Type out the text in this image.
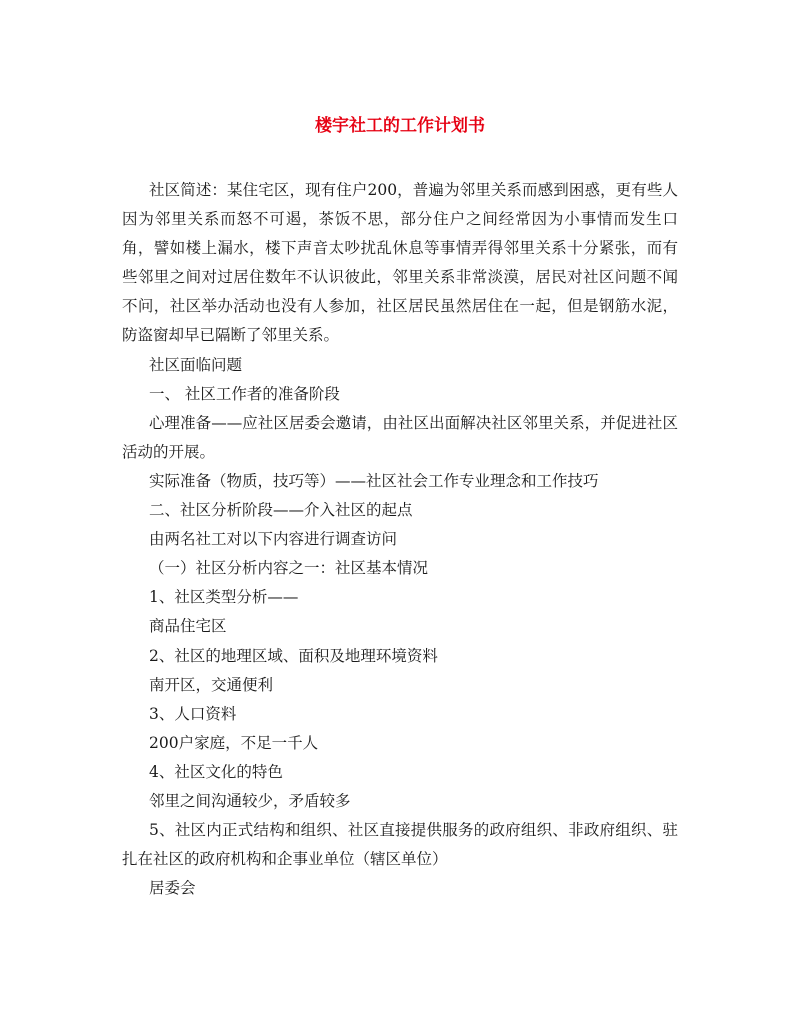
楼宇社工的工作计划书

社区简述：某住宅区，现有住户200，普遍为邻里关系而感到困惑，更有些人因为邻里关系而怒不可遏，茶饭不思，部分住户之间经常因为小事情而发生口角，譬如楼上漏水，楼下声音太吵扰乱休息等事情弄得邻里关系十分紧张，而有些邻里之间对过居住数年不认识彼此，邻里关系非常淡漠，居民对社区问题不闻不问，社区举办活动也没有人参加，社区居民虽然居住在一起，但是钢筋水泥，防盗窗却早已隔断了邻里关系。

社区面临问题

一、 社区工作者的准备阶段

心理准备——应社区居委会邀请，由社区出面解决社区邻里关系，并促进社区活动的开展。

实际准备（物质，技巧等）——社区社会工作专业理念和工作技巧

二、社区分析阶段——介入社区的起点

由两名社工对以下内容进行调查访问

（一）社区分析内容之一：社区基本情况

1、社区类型分析——

商品住宅区

2、社区的地理区域、面积及地理环境资料

南开区，交通便利

3、人口资料

200户家庭，不足一千人

4、社区文化的特色

邻里之间沟通较少，矛盾较多

5、社区内正式结构和组织、社区直接提供服务的政府组织、非政府组织、驻扎在社区的政府机构和企事业单位（辖区单位）

居委会
